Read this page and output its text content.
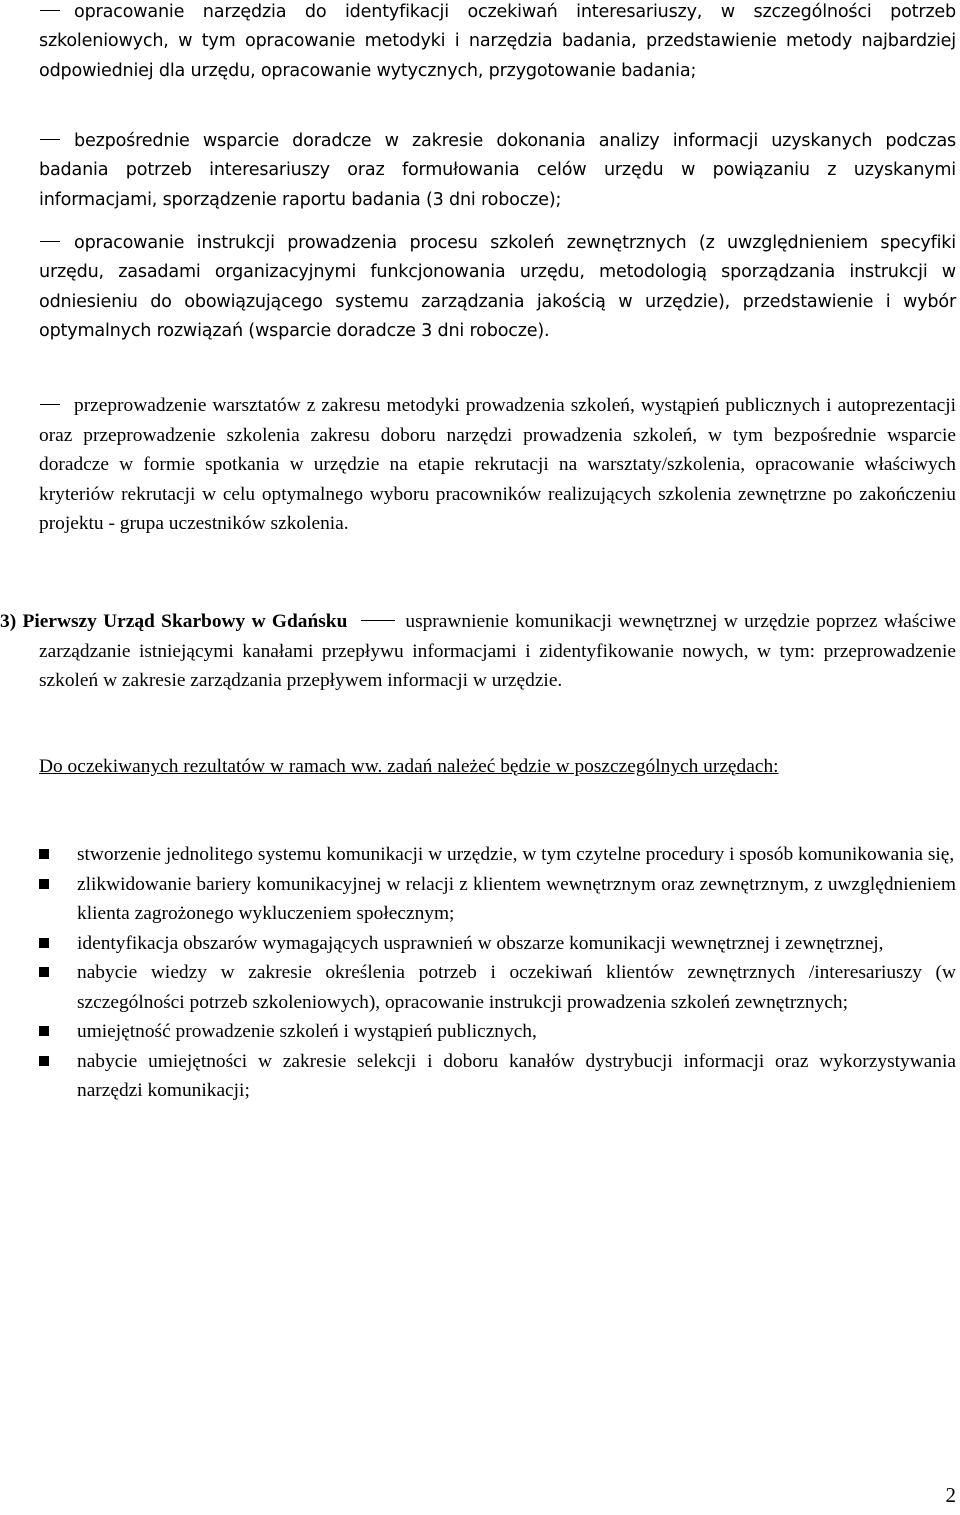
opracowanie narzędzia do identyfikacji oczekiwań interesariuszy, w szczególności potrzeb szkoleniowych, w tym opracowanie metodyki i narzędzia badania, przedstawienie metody najbardziej odpowiedniej dla urzędu, opracowanie wytycznych, przygotowanie badania;

bezpośrednie wsparcie doradcze w zakresie dokonania analizy informacji uzyskanych podczas badania potrzeb interesariuszy oraz formułowania celów urzędu w powiązaniu z uzyskanymi informacjami, sporządzenie raportu badania (3 dni robocze);

opracowanie instrukcji prowadzenia procesu szkoleń zewnętrznych (z uwzględnieniem specyfiki urzędu, zasadami organizacyjnymi funkcjonowania urzędu, metodologią sporządzania instrukcji w odniesieniu do obowiązującego systemu zarządzania jakością w urzędzie), przedstawienie i wybór optymalnych rozwiązań (wsparcie doradcze 3 dni robocze).

przeprowadzenie warsztatów z zakresu metodyki prowadzenia szkoleń, wystąpień publicznych i autoprezentacji oraz przeprowadzenie szkolenia zakresu doboru narzędzi prowadzenia szkoleń, w tym bezpośrednie wsparcie doradcze w formie spotkania w urzędzie na etapie rekrutacji na warsztaty/szkolenia, opracowanie właściwych kryteriów rekrutacji w celu optymalnego wyboru pracowników realizujących szkolenia zewnętrzne po zakończeniu projektu - grupa uczestników szkolenia.

3) Pierwszy Urząd Skarbowy w Gdańsku	usprawnienie komunikacji wewnętrznej w urzędzie poprzez właściwe zarządzanie istniejącymi kanałami przepływu informacjami i zidentyfikowanie nowych, w tym: przeprowadzenie szkoleń w zakresie zarządzania przepływem informacji w urzędzie.

Do oczekiwanych rezultatów w ramach ww. zadań należeć będzie w poszczególnych urzędach:

stworzenie jednolitego systemu komunikacji w urzędzie, w tym czytelne procedury i sposób komunikowania się,
zlikwidowanie bariery komunikacyjnej w relacji z klientem wewnętrznym oraz zewnętrznym, z uwzględnieniem klienta zagrożonego wykluczeniem społecznym;
identyfikacja obszarów wymagających usprawnień w obszarze komunikacji wewnętrznej i zewnętrznej,
nabycie wiedzy w zakresie określenia potrzeb i oczekiwań klientów zewnętrznych /interesariuszy (w szczególności potrzeb szkoleniowych), opracowanie instrukcji prowadzenia szkoleń zewnętrznych;
umiejętność prowadzenie szkoleń i wystąpień publicznych,
nabycie umiejętności w zakresie selekcji i doboru kanałów dystrybucji informacji oraz wykorzystywania narzędzi komunikacji;
2
